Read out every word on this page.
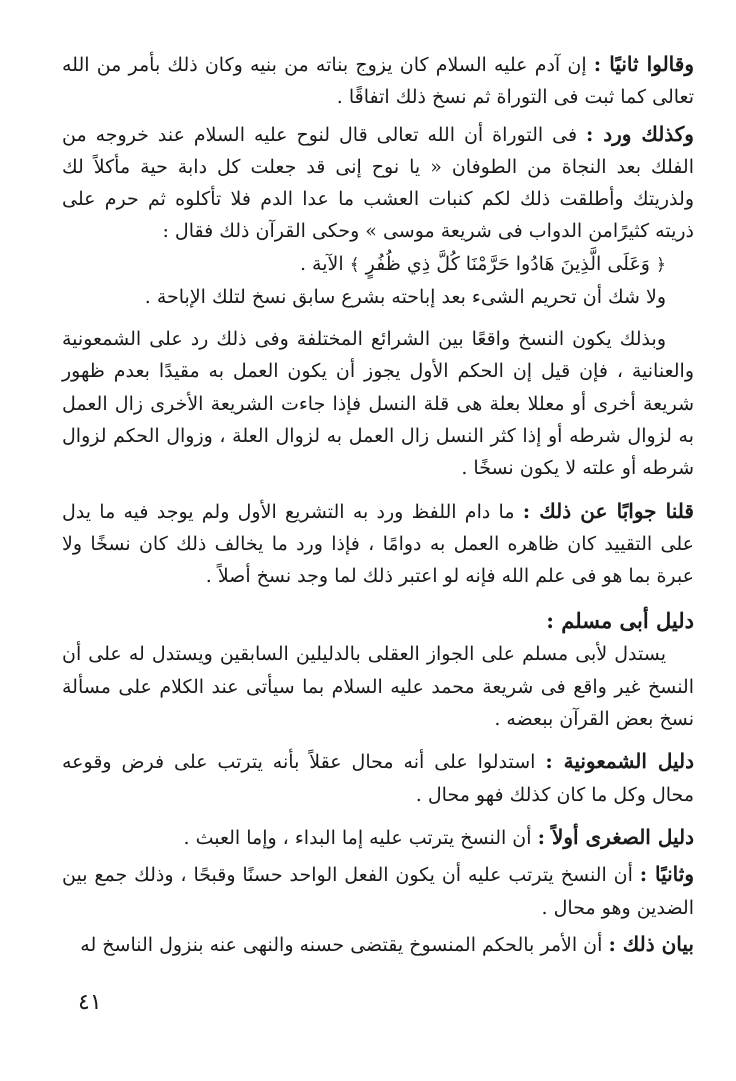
وقالوا ثانيًا : إن آدم عليه السلام كان يزوج بناته من بنيه وكان ذلك بأمر من الله تعالى كما ثبت فى التوراة ثم نسخ ذلك اتفاقًا .

وكذلك ورد : فى التوراة أن الله تعالى قال لنوح عليه السلام عند خروجه من الفلك بعد النجاة من الطوفان « يا نوح إنى قد جعلت كل دابة حية مأكلاً لك ولذريتك وأطلقت ذلك لكم كنبات العشب ما عدا الدم فلا تأكلوه ثم حرم على ذريته كثيرًامن الدواب فى شريعة موسى » وحكى القرآن ذلك فقال :

﴿ وَعَلَى الَّذِينَ هَادُوا حَرَّمْنَا كُلَّ ذِي ظُفُرٍ ﴾ الآية .

ولا شك أن تحريم الشىء بعد إباحته بشرع سابق نسخ لتلك الإباحة .

وبذلك يكون النسخ واقعًا بين الشرائع المختلفة وفى ذلك رد على الشمعونية والعنانية ، فإن قيل إن الحكم الأول يجوز أن يكون العمل به مقيدًا بعدم ظهور شريعة أخرى أو معللا بعلة هى قلة النسل فإذا جاءت الشريعة الأخرى زال العمل به لزوال شرطه أو إذا كثر النسل زال العمل به لزوال العلة ، وزوال الحكم لزوال شرطه أو علته لا يكون نسخًا .

قلنا جوابًا عن ذلك : ما دام اللفظ ورد به التشريع الأول ولم يوجد فيه ما يدل على التقييد كان ظاهره العمل به دوامًا ، فإذا ورد ما يخالف ذلك كان نسخًا ولا عبرة بما هو فى علم الله فإنه لو اعتبر ذلك لما وجد نسخ أصلاً .

دليل أبى مسلم :

يستدل لأبى مسلم على الجواز العقلى بالدليلين السابقين ويستدل له على أن النسخ غير واقع فى شريعة محمد عليه السلام بما سيأتى عند الكلام على مسألة نسخ بعض القرآن ببعضه .

دليل الشمعونية : استدلوا على أنه محال عقلاً بأنه يترتب على فرض وقوعه محال وكل ما كان كذلك فهو محال .

دليل الصغرى أولاً : أن النسخ يترتب عليه إما البداء ، وإما العبث .

وثانيًا : أن النسخ يترتب عليه أن يكون الفعل الواحد حسنًا وقبحًا ، وذلك جمع بين الضدين وهو محال .

بيان ذلك : أن الأمر بالحكم المنسوخ يقتضى حسنه والنهى عنه بنزول الناسخ له

٤١
